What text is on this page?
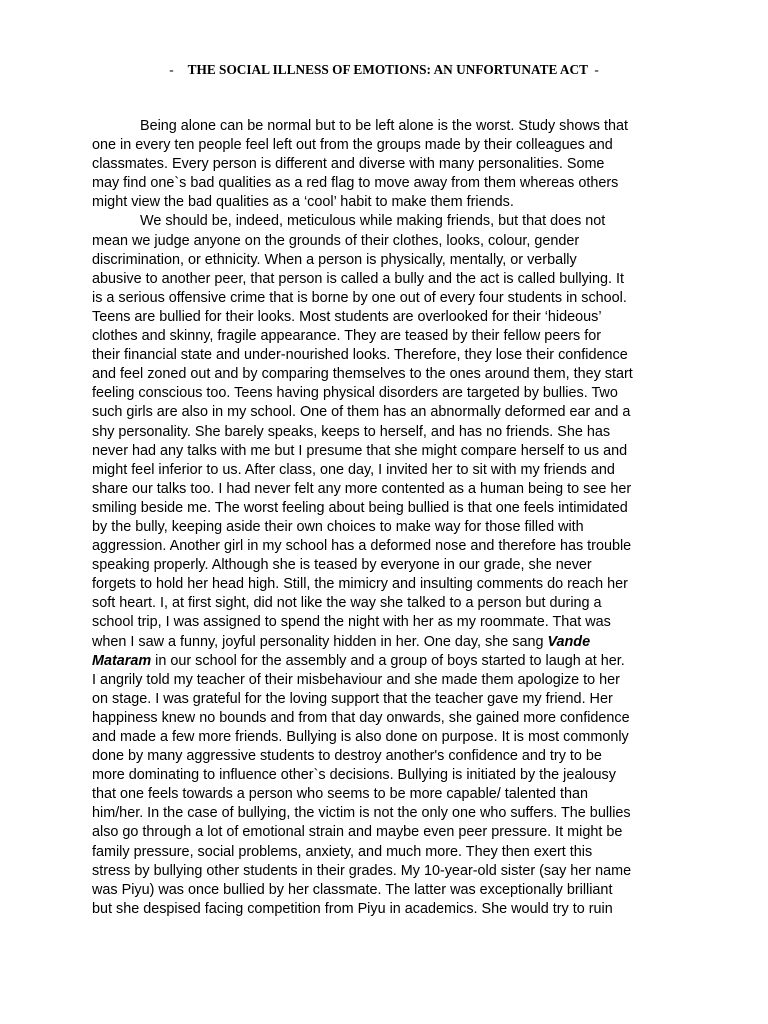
- THE SOCIAL ILLNESS OF EMOTIONS: AN UNFORTUNATE ACT -
Being alone can be normal but to be left alone is the worst. Study shows that
one in every ten people feel left out from the groups made by their colleagues and
classmates. Every person is different and diverse with many personalities. Some
may find one`s bad qualities as a red flag to move away from them whereas others
might view the bad qualities as a ‘cool’ habit to make them friends.
We should be, indeed, meticulous while making friends, but that does not
mean we judge anyone on the grounds of their clothes, looks, colour, gender
discrimination, or ethnicity. When a person is physically, mentally, or verbally
abusive to another peer, that person is called a bully and the act is called bullying. It
is a serious offensive crime that is borne by one out of every four students in school.
Teens are bullied for their looks. Most students are overlooked for their ‘hideous’
clothes and skinny, fragile appearance. They are teased by their fellow peers for
their financial state and under-nourished looks. Therefore, they lose their confidence
and feel zoned out and by comparing themselves to the ones around them, they start
feeling conscious too. Teens having physical disorders are targeted by bullies. Two
such girls are also in my school. One of them has an abnormally deformed ear and a
shy personality. She barely speaks, keeps to herself, and has no friends. She has
never had any talks with me but I presume that she might compare herself to us and
might feel inferior to us. After class, one day, I invited her to sit with my friends and
share our talks too. I had never felt any more contented as a human being to see her
smiling beside me. The worst feeling about being bullied is that one feels intimidated
by the bully, keeping aside their own choices to make way for those filled with
aggression. Another girl in my school has a deformed nose and therefore has trouble
speaking properly. Although she is teased by everyone in our grade, she never
forgets to hold her head high. Still, the mimicry and insulting comments do reach her
soft heart. I, at first sight, did not like the way she talked to a person but during a
school trip, I was assigned to spend the night with her as my roommate. That was
when I saw a funny, joyful personality hidden in her. One day, she sang Vande
Mataram in our school for the assembly and a group of boys started to laugh at her.
I angrily told my teacher of their misbehaviour and she made them apologize to her
on stage. I was grateful for the loving support that the teacher gave my friend. Her
happiness knew no bounds and from that day onwards, she gained more confidence
and made a few more friends. Bullying is also done on purpose. It is most commonly
done by many aggressive students to destroy another's confidence and try to be
more dominating to influence other`s decisions. Bullying is initiated by the jealousy
that one feels towards a person who seems to be more capable/ talented than
him/her. In the case of bullying, the victim is not the only one who suffers. The bullies
also go through a lot of emotional strain and maybe even peer pressure. It might be
family pressure, social problems, anxiety, and much more. They then exert this
stress by bullying other students in their grades. My 10-year-old sister (say her name
was Piyu) was once bullied by her classmate. The latter was exceptionally brilliant
but she despised facing competition from Piyu in academics. She would try to ruin
